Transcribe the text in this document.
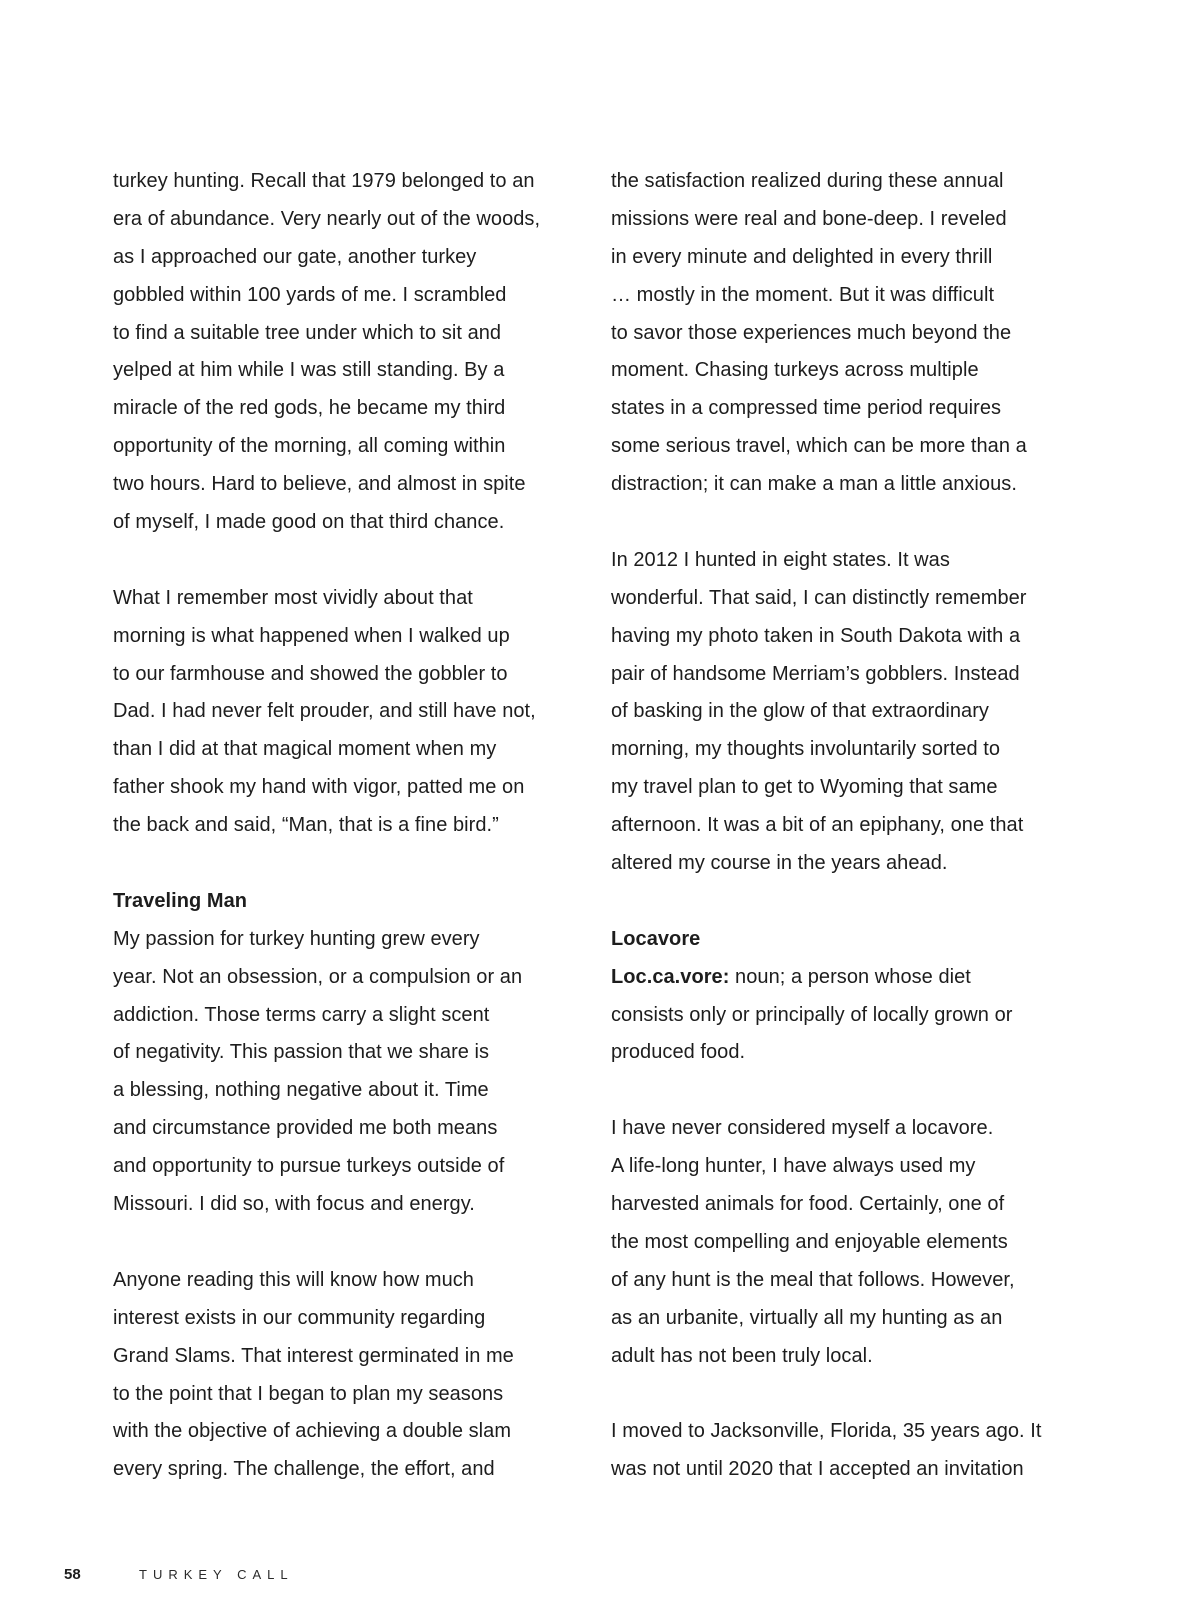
turkey hunting. Recall that 1979 belonged to an
era of abundance. Very nearly out of the woods,
as I approached our gate, another turkey
gobbled within 100 yards of me. I scrambled
to find a suitable tree under which to sit and
yelped at him while I was still standing. By a
miracle of the red gods, he became my third
opportunity of the morning, all coming within
two hours. Hard to believe, and almost in spite
of myself, I made good on that third chance.
What I remember most vividly about that
morning is what happened when I walked up
to our farmhouse and showed the gobbler to
Dad. I had never felt prouder, and still have not,
than I did at that magical moment when my
father shook my hand with vigor, patted me on
the back and said, “Man, that is a fine bird.”
Traveling Man
My passion for turkey hunting grew every
year. Not an obsession, or a compulsion or an
addiction. Those terms carry a slight scent
of negativity. This passion that we share is
a blessing, nothing negative about it. Time
and circumstance provided me both means
and opportunity to pursue turkeys outside of
Missouri. I did so, with focus and energy.
Anyone reading this will know how much
interest exists in our community regarding
Grand Slams. That interest germinated in me
to the point that I began to plan my seasons
with the objective of achieving a double slam
every spring. The challenge, the effort, and
the satisfaction realized during these annual
missions were real and bone-deep. I reveled
in every minute and delighted in every thrill
… mostly in the moment. But it was difficult
to savor those experiences much beyond the
moment. Chasing turkeys across multiple
states in a compressed time period requires
some serious travel, which can be more than a
distraction; it can make a man a little anxious.
In 2012 I hunted in eight states. It was
wonderful. That said, I can distinctly remember
having my photo taken in South Dakota with a
pair of handsome Merriam’s gobblers. Instead
of basking in the glow of that extraordinary
morning, my thoughts involuntarily sorted to
my travel plan to get to Wyoming that same
afternoon. It was a bit of an epiphany, one that
altered my course in the years ahead.
Locavore
Loc.ca.vore: noun; a person whose diet
consists only or principally of locally grown or
produced food.
I have never considered myself a locavore.
A life-long hunter, I have always used my
harvested animals for food. Certainly, one of
the most compelling and enjoyable elements
of any hunt is the meal that follows. However,
as an urbanite, virtually all my hunting as an
adult has not been truly local.
I moved to Jacksonville, Florida, 35 years ago. It
was not until 2020 that I accepted an invitation
58	TURKEY CALL
